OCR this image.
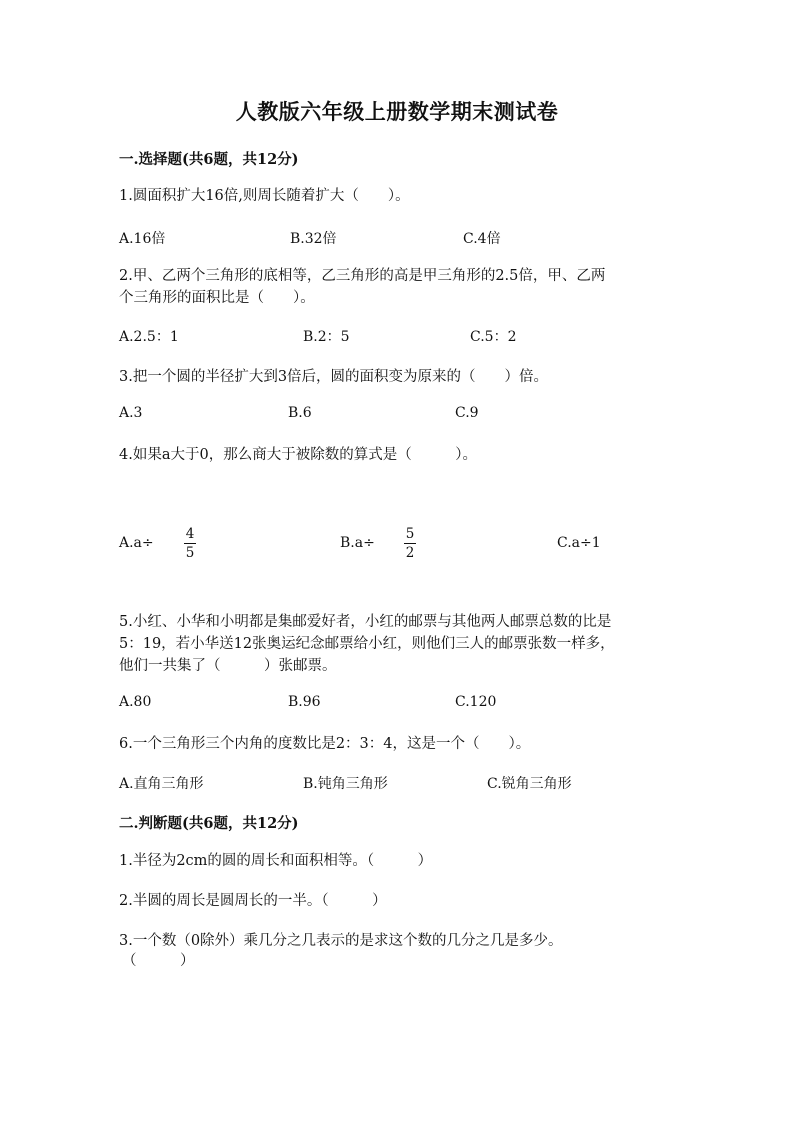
人教版六年级上册数学期末测试卷
一.选择题(共6题，共12分)
1.圆面积扩大16倍,则周长随着扩大（　　）。
A.16倍	B.32倍	C.4倍
2.甲、乙两个三角形的底相等，乙三角形的高是甲三角形的2.5倍，甲、乙两
个三角形的面积比是（　　）。
A.2.5：1	B.2：5	C.5：2
3.把一个圆的半径扩大到3倍后，圆的面积变为原来的（　　）倍。
A.3	B.6	C.9
4.如果a大于0，那么商大于被除数的算式是（　　　）。
A.a÷
4
5
B.a÷
5
2
C.a÷1
5.小红、小华和小明都是集邮爱好者，小红的邮票与其他两人邮票总数的比是
5：19，若小华送12张奥运纪念邮票给小红，则他们三人的邮票张数一样多，
他们一共集了（　　　）张邮票。
A.80	B.96	C.120
6.一个三角形三个内角的度数比是2：3：4，这是一个（　　）。
A.直角三角形	B.钝角三角形	C.锐角三角形
二.判断题(共6题，共12分)
1.半径为2cm的圆的周长和面积相等。（　　　）
2.半圆的周长是圆周长的一半。（　　　）
3.一个数（0除外）乘几分之几表示的是求这个数的几分之几是多少。
（　　　）
